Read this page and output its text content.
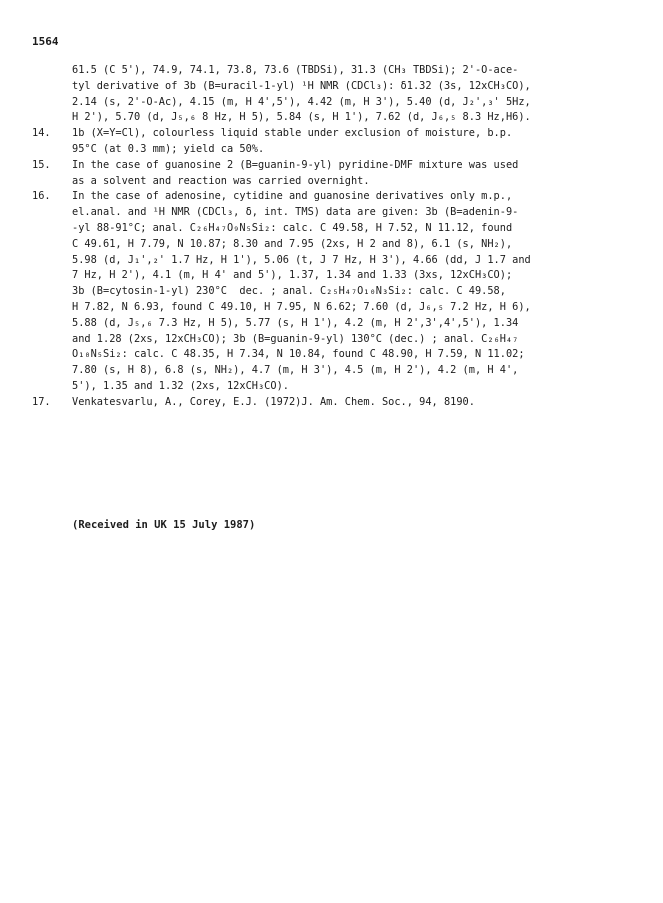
1564
61.5 (C 5'), 74.9, 74.1, 73.8, 73.6 (TBDSi), 31.3 (CH₃ TBDSi); 2'-O-ace-
tyl derivative of 3b (B=uracil-1-yl) ¹H NMR (CDCl₃): δ1.32 (3s, 12xCH₃CO),
2.14 (s, 2'-O-Ac), 4.15 (m, H 4',5'), 4.42 (m, H 3'), 5.40 (d, J₂',₃' 5Hz,
H 2'), 5.70 (d, J₅,₆ 8 Hz, H 5), 5.84 (s, H 1'), 7.62 (d, J₆,₅ 8.3 Hz,H6).
14.	1b (X=Y=Cl), colourless liquid stable under exclusion of moisture, b.p.
95°C (at 0.3 mm); yield ca 50%.
15.	In the case of guanosine 2 (B=guanin-9-yl) pyridine-DMF mixture was used
as a solvent and reaction was carried overnight.
16.	In the case of adenosine, cytidine and guanosine derivatives only m.p.,
el.anal. and ¹H NMR (CDCl₃, δ, int. TMS) data are given: 3b (B=adenin-9-
-yl 88-91°C; anal. C₂₆H₄₇O₉N₅Si₂: calc. C 49.58, H 7.52, N 11.12, found
C 49.61, H 7.79, N 10.87; 8.30 and 7.95 (2xs, H 2 and 8), 6.1 (s, NH₂),
5.98 (d, J₁',₂' 1.7 Hz, H 1'), 5.06 (t, J 7 Hz, H 3'), 4.66 (dd, J 1.7 and
7 Hz, H 2'), 4.1 (m, H 4' and 5'), 1.37, 1.34 and 1.33 (3xs, 12xCH₃CO);
3b (B=cytosin-1-yl) 230°C  dec. ; anal. C₂₅H₄₇O₁₀N₃Si₂: calc. C 49.58,
H 7.82, N 6.93, found C 49.10, H 7.95, N 6.62; 7.60 (d, J₆,₅ 7.2 Hz, H 6),
5.88 (d, J₅,₆ 7.3 Hz, H 5), 5.77 (s, H 1'), 4.2 (m, H 2',3',4',5'), 1.34
and 1.28 (2xs, 12xCH₃CO); 3b (B=guanin-9-yl) 130°C (dec.) ; anal. C₂₆H₄₇
O₁₀N₅Si₂: calc. C 48.35, H 7.34, N 10.84, found C 48.90, H 7.59, N 11.02;
7.80 (s, H 8), 6.8 (s, NH₂), 4.7 (m, H 3'), 4.5 (m, H 2'), 4.2 (m, H 4',
5'), 1.35 and 1.32 (2xs, 12xCH₃CO).
17.	Venkatesvarlu, A., Corey, E.J. (1972)J. Am. Chem. Soc., 94, 8190.
(Received in UK 15 July 1987)
